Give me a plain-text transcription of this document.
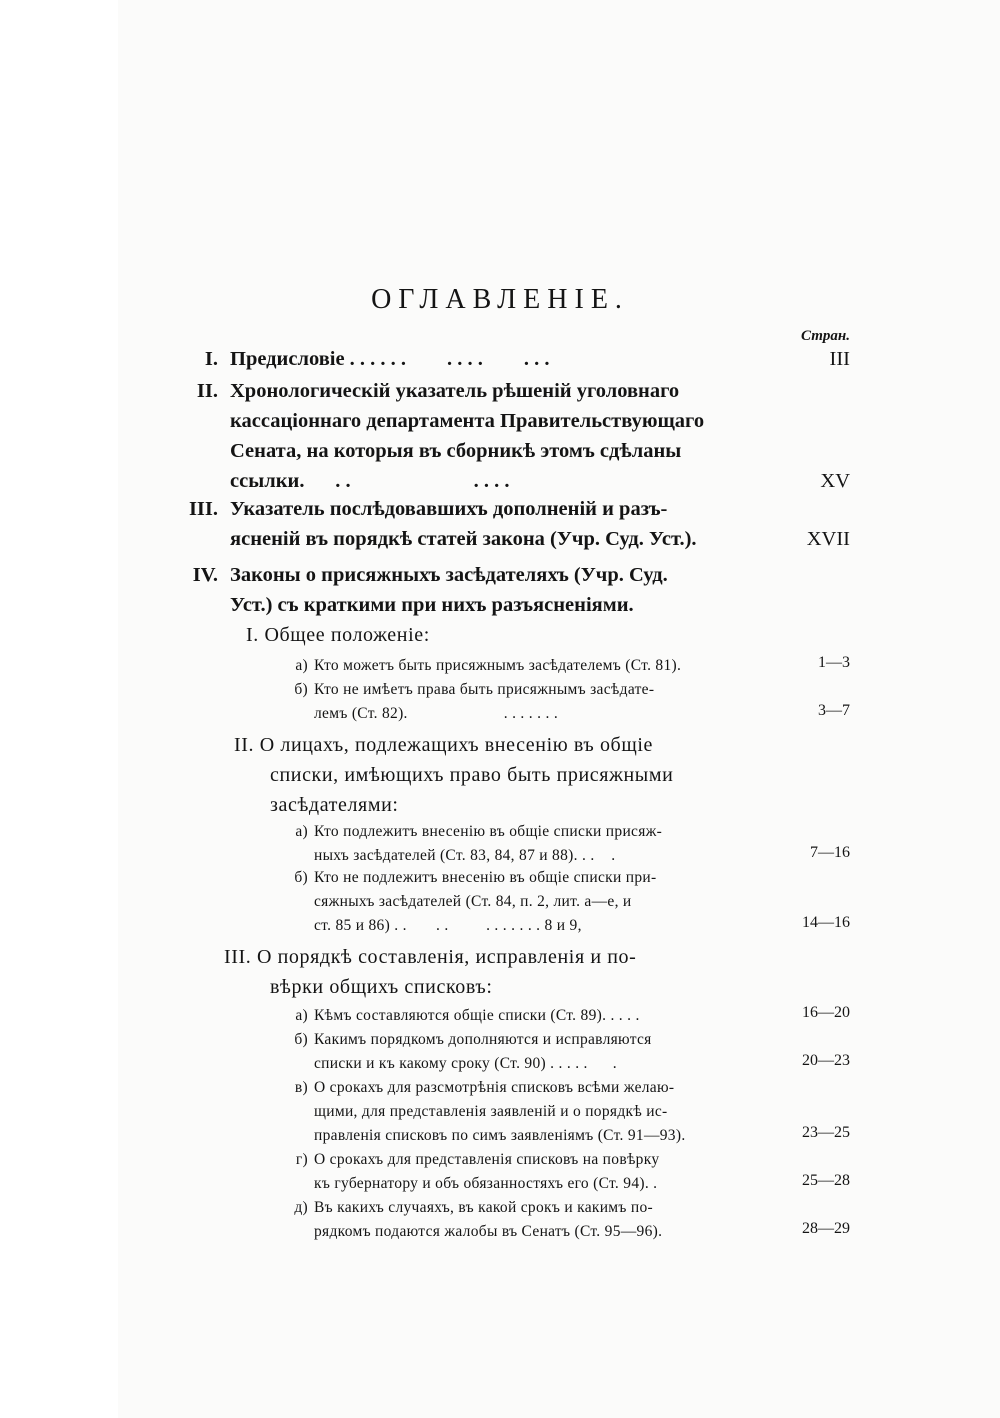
ОГЛАВЛЕНІЕ.
Стран.
I. Предисловіе . . . . . .        . . . .        . . .	III
II. Хронологическій указатель рѣшеній уголовнаго
кассаціоннаго департамента Правительствующаго
Сената, на которыя въ сборникѣ этомъ сдѣланы
ссылки.      . .                        . . . .	XV
III. Указатель послѣдовавшихъ дополненій и разъ-
ясненій въ порядкѣ статей закона (Учр. Суд. Уст.).	XVII
IV. Законы о присяжныхъ засѣдателяхъ (Учр. Суд.
Уст.) съ краткими при нихъ разъясненіями.
I. Общее положеніе:
а) Кто можетъ быть присяжнымъ засѣдателемъ (Ст. 81).	1—3
б) Кто не имѣетъ права быть присяжнымъ засѣдате-
лемъ (Ст. 82).                       . . . . . . .	3—7
II. О лицахъ, подлежащихъ внесенію въ общіе
списки, имѣющихъ право быть присяжными
засѣдателями:
а) Кто подлежитъ внесенію въ общіе списки присяж-
ныхъ засѣдателей (Ст. 83, 84, 87 и 88). . .    .	7—16
б) Кто не подлежитъ внесенію въ общіе списки при-
сяжныхъ засѣдателей (Ст. 84, п. 2, лит. а—е, и
ст. 85 и 86) . .       . .         . . . . . . . 8 и 9,	14—16
III. О порядкѣ составленія, исправленія и по-
вѣрки общихъ списковъ:
а) Кѣмъ составляются общіе списки (Ст. 89). . . . .	16—20
б) Какимъ порядкомъ дополняются и исправляются
списки и къ какому сроку (Ст. 90) . . . . .      .	20—23
в) О срокахъ для разсмотрѣнія списковъ всѣми желаю-
щими, для представленія заявленій и о порядкѣ ис-
правленія списковъ по симъ заявленіямъ (Ст. 91—93).	23—25
г) О срокахъ для представленія списковъ на повѣрку
къ губернатору и объ обязанностяхъ его (Ст. 94). .	25—28
д) Въ какихъ случаяхъ, въ какой срокъ и какимъ по-
рядкомъ подаются жалобы въ Сенатъ (Ст. 95—96).	28—29
